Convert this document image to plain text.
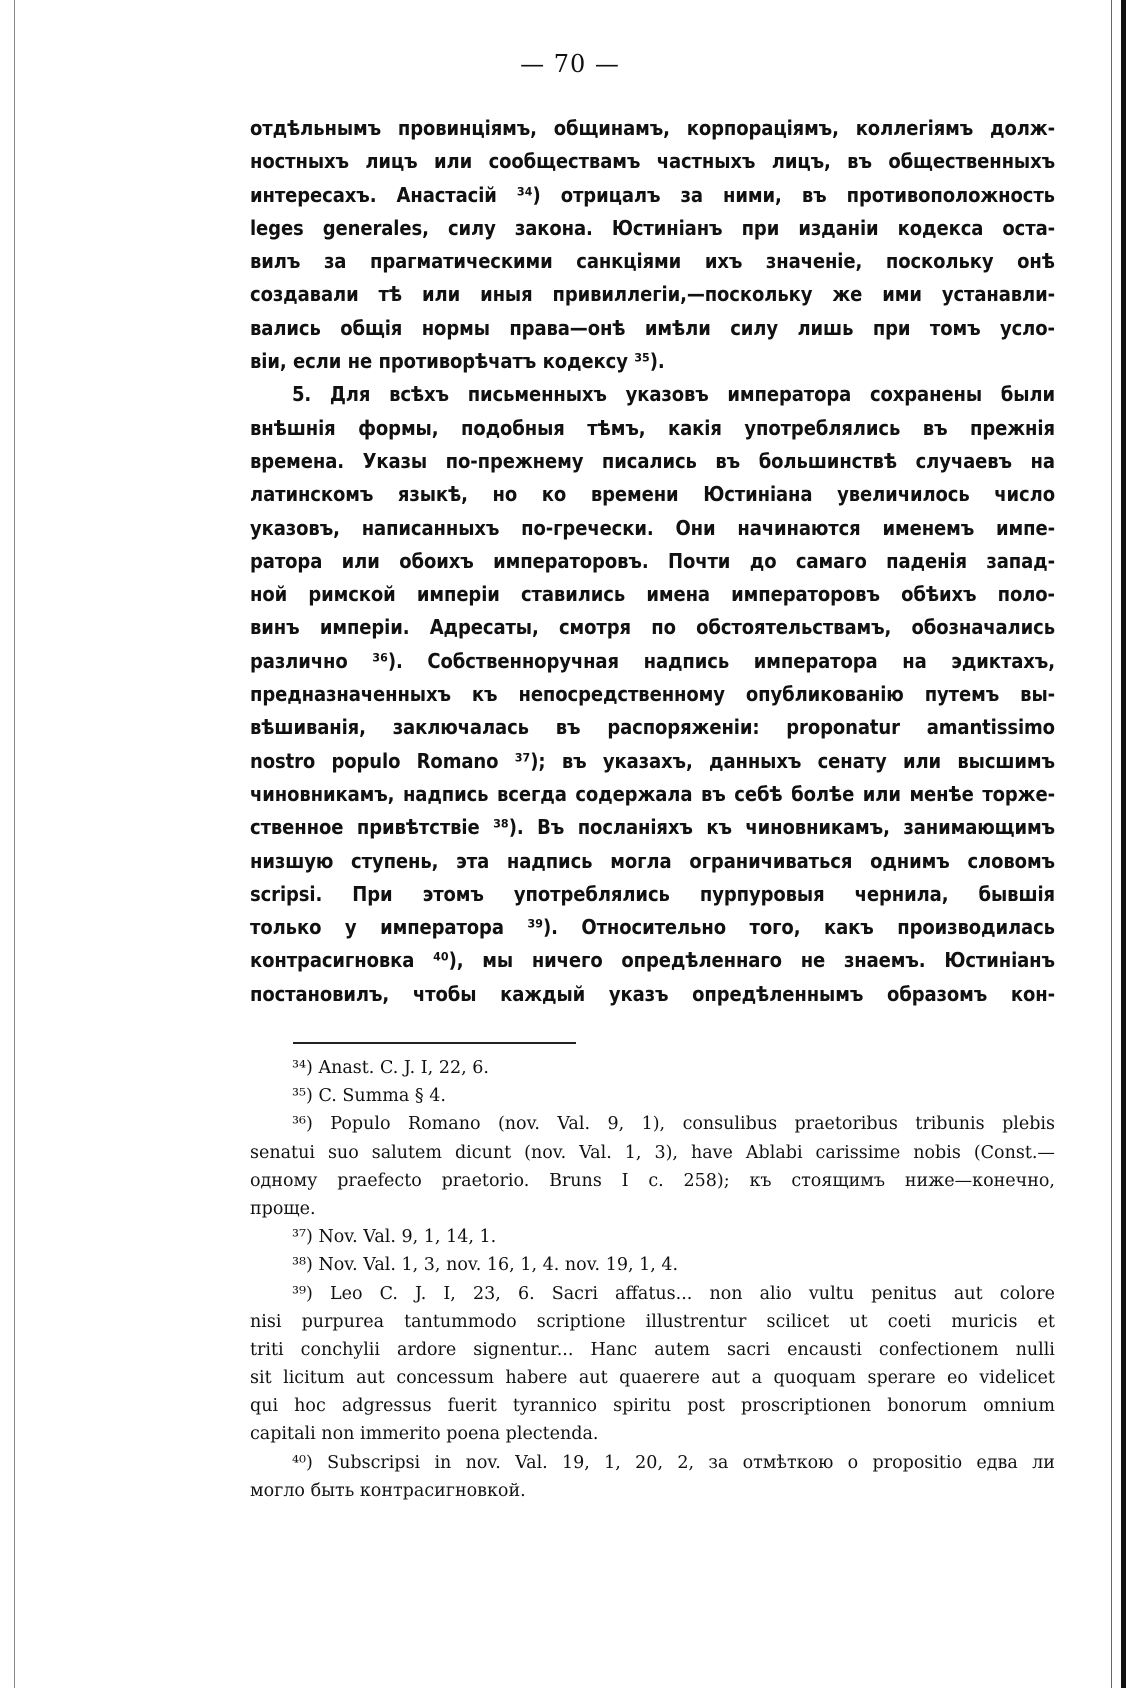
— 70 —
отдѣльнымъ провинціямъ, общинамъ, корпораціямъ, коллегіямъ долж-
ностныхъ лицъ или сообществамъ частныхъ лицъ, въ общественныхъ
интересахъ. Анастасій ³⁴) отрицалъ за ними, въ противоположность
leges generales, силу закона. Юстиніанъ при изданіи кодекса оста-
вилъ за прагматическими санкціями ихъ значеніе, поскольку онѣ
создавали тѣ или иныя привиллегіи,—поскольку же ими устанавли-
вались общія нормы права—онѣ имѣли силу лишь при томъ усло-
віи, если не противорѣчатъ кодексу ³⁵).
5. Для всѣхъ письменныхъ указовъ императора сохранены были
внѣшнія формы, подобныя тѣмъ, какія употреблялись въ прежнія
времена. Указы по-прежнему писались въ большинствѣ случаевъ на
латинскомъ языкѣ, но ко времени Юстиніана увеличилось число
указовъ, написанныхъ по-гречески. Они начинаются именемъ импе-
ратора или обоихъ императоровъ. Почти до самаго паденія запад-
ной римской имперіи ставились имена императоровъ обѣихъ поло-
винъ имперіи. Адресаты, смотря по обстоятельствамъ, обозначались
различно ³⁶). Собственноручная надпись императора на эдиктахъ,
предназначенныхъ къ непосредственному опубликованію путемъ вы-
вѣшиванія, заключалась въ распоряженіи: proponatur amantissimo
nostro populo Romano ³⁷); въ указахъ, данныхъ сенату или высшимъ
чиновникамъ, надпись всегда содержала въ себѣ болѣе или менѣе торже-
ственное привѣтствіе ³⁸). Въ посланіяхъ къ чиновникамъ, занимающимъ
низшую ступень, эта надпись могла ограничиваться однимъ словомъ
scripsi. При этомъ употреблялись пурпуровыя чернила, бывшія
только у императора ³⁹). Относительно того, какъ производилась
контрасигновка ⁴⁰), мы ничего опредѣленнаго не знаемъ. Юстиніанъ
постановилъ, чтобы каждый указъ опредѣленнымъ образомъ кон-
³⁴) Anast. C. J. I, 22, 6.
³⁵) C. Summa § 4.
³⁶) Populo Romano (nov. Val. 9, 1), consulibus praetoribus tribunis plebis
senatui suo salutem dicunt (nov. Val. 1, 3), have Ablabi carissime nobis (Const.—
одному praefecto praetorio. Bruns I с. 258); къ стоящимъ ниже—конечно,
проще.
³⁷) Nov. Val. 9, 1, 14, 1.
³⁸) Nov. Val. 1, 3, nov. 16, 1, 4. nov. 19, 1, 4.
³⁹) Leo C. J. I, 23, 6. Sacri affatus... non alio vultu penitus aut colore
nisi purpurea tantummodo scriptione illustrentur scilicet ut coeti muricis et
triti conchylii ardore signentur... Hanc autem sacri encausti confectionem nulli
sit licitum aut concessum habere aut quaerere aut a quoquam sperare eo videlicet
qui hoc adgressus fuerit tyrannico spiritu post proscriptionen bonorum omnium
capitali non immerito poena plectenda.
⁴⁰) Subscripsi in nov. Val. 19, 1, 20, 2, за отмѣткою о propositio едва ли
могло быть контрасигновкой.
